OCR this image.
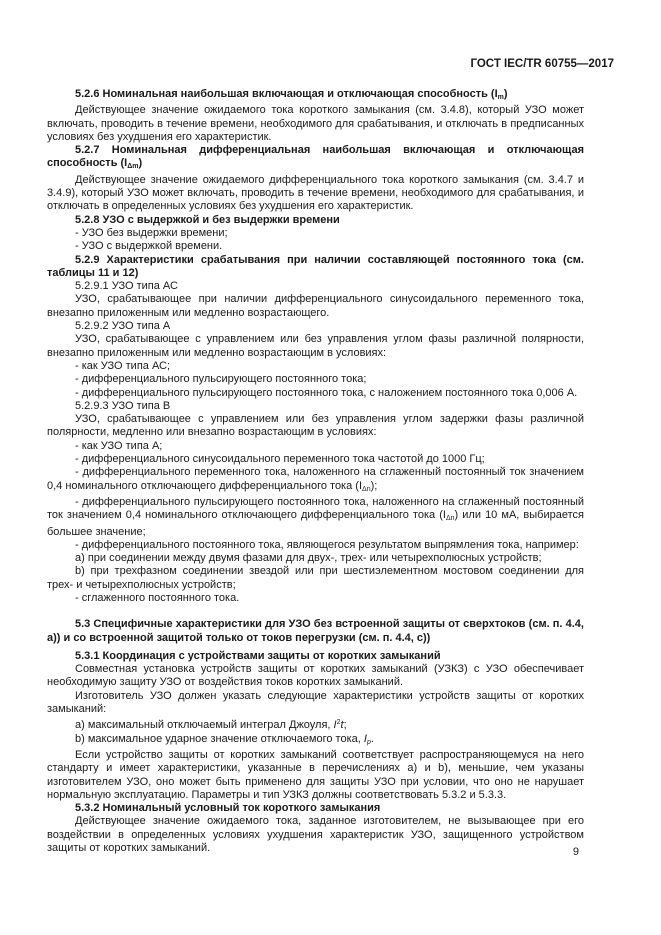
ГОСТ IEC/TR 60755—2017

5.2.6 Номинальная наибольшая включающая и отключающая способность $(I_m)$

Действующее значение ожидаемого тока короткого замыкания (см. 3.4.8), который УЗО может включать, проводить в течение времени, необходимого для срабатывания, и отключать в предписанных условиях без ухудшения его характеристик.

5.2.7 Номинальная дифференциальная наибольшая включающая и отключающая способность $(I_{\Delta m})$

Действующее значение ожидаемого дифференциального тока короткого замыкания (см. 3.4.7 и 3.4.9), который УЗО может включать, проводить в течение времени, необходимого для срабатывания, и отключать в определенных условиях без ухудшения его характеристик.

5.2.8 УЗО с выдержкой и без выдержки времени

- УЗО без выдержки времени;

- УЗО с выдержкой времени.

5.2.9 Характеристики срабатывания при наличии составляющей постоянного тока (см. таблицы 11 и 12)

5.2.9.1 УЗО типа АС

УЗО, срабатывающее при наличии дифференциального синусоидального переменного тока, внезапно приложенным или медленно возрастающего.

5.2.9.2 УЗО типа А

УЗО, срабатывающее с управлением или без управления углом фазы различной полярности, внезапно приложенным или медленно возрастающим в условиях:

- как УЗО типа АС;

- дифференциального пульсирующего постоянного тока;

- дифференциального пульсирующего постоянного тока, с наложением постоянного тока 0,006 А.

5.2.9.3 УЗО типа В

УЗО, срабатывающее с управлением или без управления углом задержки фазы различной полярности, медленно или внезапно возрастающим в условиях:

- как УЗО типа А;

- дифференциального синусоидального переменного тока частотой до 1000 Гц;

- дифференциального переменного тока, наложенного на сглаженный постоянный ток значением 0,4 номинального отключающего дифференциального тока $(I_{\Delta n})$;

- дифференциального пульсирующего постоянного тока, наложенного на сглаженный постоянный ток значением 0,4 номинального отключающего дифференциального тока $(I_{\Delta n})$ или 10 мА, выбирается большее значение;

- дифференциального постоянного тока, являющегося результатом выпрямления тока, например:

а) при соединении между двумя фазами для двух-, трех- или четырехполюсных устройств;

b) при трехфазном соединении звездой или при шестиэлементном мостовом соединении для трех- и четырехполюсных устройств;

- сглаженного постоянного тока.

5.3 Специфичные характеристики для УЗО без встроенной защиты от сверхтоков (см. п. 4.4, а)) и со встроенной защитой только от токов перегрузки (см. п. 4.4, с))

5.3.1 Координация с устройствами защиты от коротких замыканий

Совместная установка устройств защиты от коротких замыканий (УЗКЗ) с УЗО обеспечивает необходимую защиту УЗО от воздействия токов коротких замыканий.

Изготовитель УЗО должен указать следующие характеристики устройств защиты от коротких замыканий:

а) максимальный отключаемый интеграл Джоуля, $I^2t$;

b) максимальное ударное значение отключаемого тока, $I_p$.

Если устройство защиты от коротких замыканий соответствует распространяющемуся на него стандарту и имеет характеристики, указанные в перечислениях а) и b), меньшие, чем указаны изготовителем УЗО, оно может быть применено для защиты УЗО при условии, что оно не нарушает нормальную эксплуатацию. Параметры и тип УЗКЗ должны соответствовать 5.3.2 и 5.3.3.

5.3.2 Номинальный условный ток короткого замыкания

Действующее значение ожидаемого тока, заданное изготовителем, не вызывающее при его воздействии в определенных условиях ухудшения характеристик УЗО, защищенного устройством защиты от коротких замыканий.	9
